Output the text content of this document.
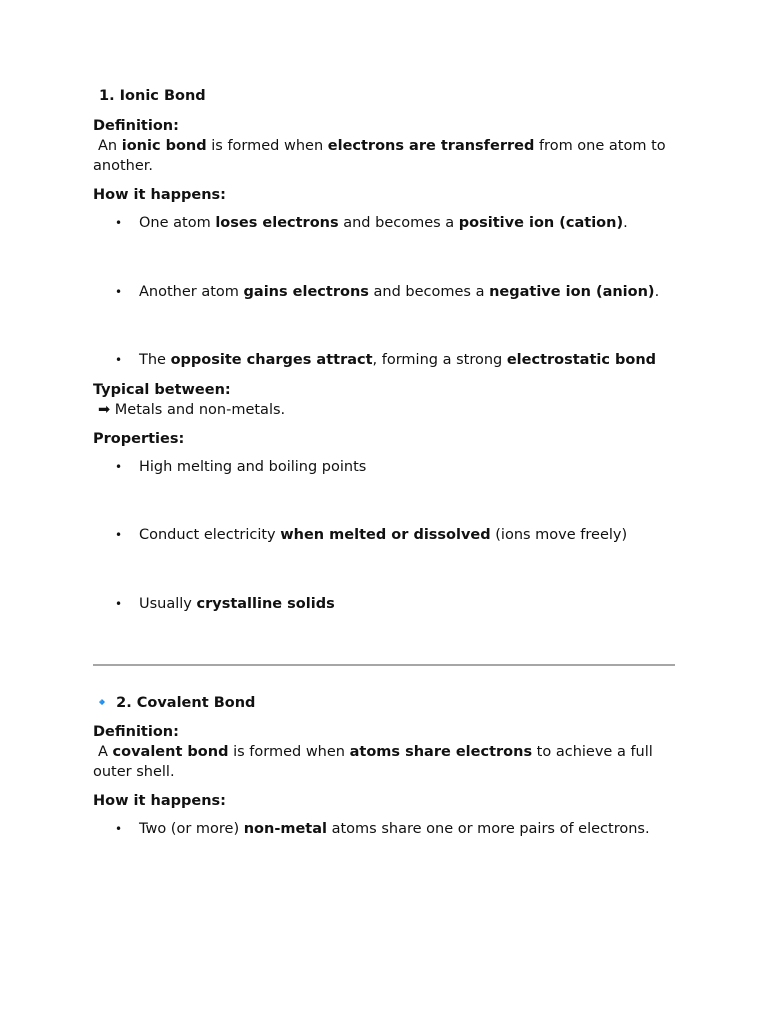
1. Ionic Bond

Definition:

An ionic bond is formed when electrons are transferred from one atom to another.

How it happens:

• One atom loses electrons and becomes a positive ion (cation).
• Another atom gains electrons and becomes a negative ion (anion).
• The opposite charges attract, forming a strong electrostatic bond

Typical between:

➡ Metals and non-metals.

Properties:

• High melting and boiling points
• Conduct electricity when melted or dissolved (ions move freely)
• Usually crystalline solids

🔹 2. Covalent Bond

Definition:

A covalent bond is formed when atoms share electrons to achieve a full outer shell.

How it happens:

• Two (or more) non-metal atoms share one or more pairs of electrons.
